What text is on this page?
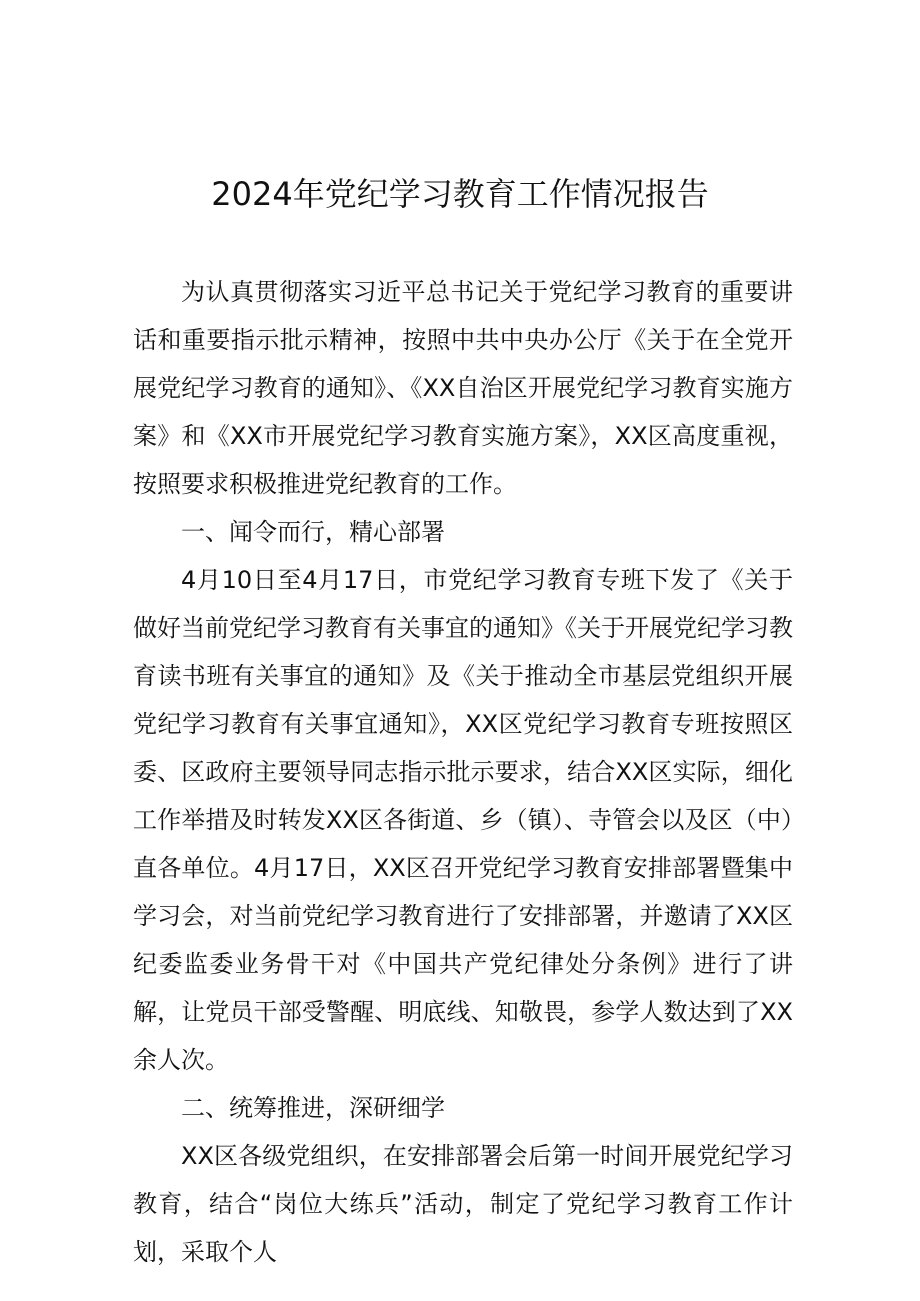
2024年党纪学习教育工作情况报告

为认真贯彻落实习近平总书记关于党纪学习教育的重要讲话和重要指示批示精神，按照中共中央办公厅《关于在全党开展党纪学习教育的通知》、《XX自治区开展党纪学习教育实施方案》和《XX市开展党纪学习教育实施方案》，XX区高度重视，按照要求积极推进党纪教育的工作。

一、闻令而行，精心部署

4月10日至4月17日，市党纪学习教育专班下发了《关于做好当前党纪学习教育有关事宜的通知》《关于开展党纪学习教育读书班有关事宜的通知》及《关于推动全市基层党组织开展党纪学习教育有关事宜通知》，XX区党纪学习教育专班按照区委、区政府主要领导同志指示批示要求，结合XX区实际，细化工作举措及时转发XX区各街道、乡（镇）、寺管会以及区（中）直各单位。4月17日，XX区召开党纪学习教育安排部署暨集中学习会，对当前党纪学习教育进行了安排部署，并邀请了XX区纪委监委业务骨干对《中国共产党纪律处分条例》进行了讲解，让党员干部受警醒、明底线、知敬畏，参学人数达到了XX余人次。

二、统筹推进，深研细学

XX区各级党组织，在安排部署会后第一时间开展党纪学习教育，结合“岗位大练兵”活动，制定了党纪学习教育工作计划，采取个人
